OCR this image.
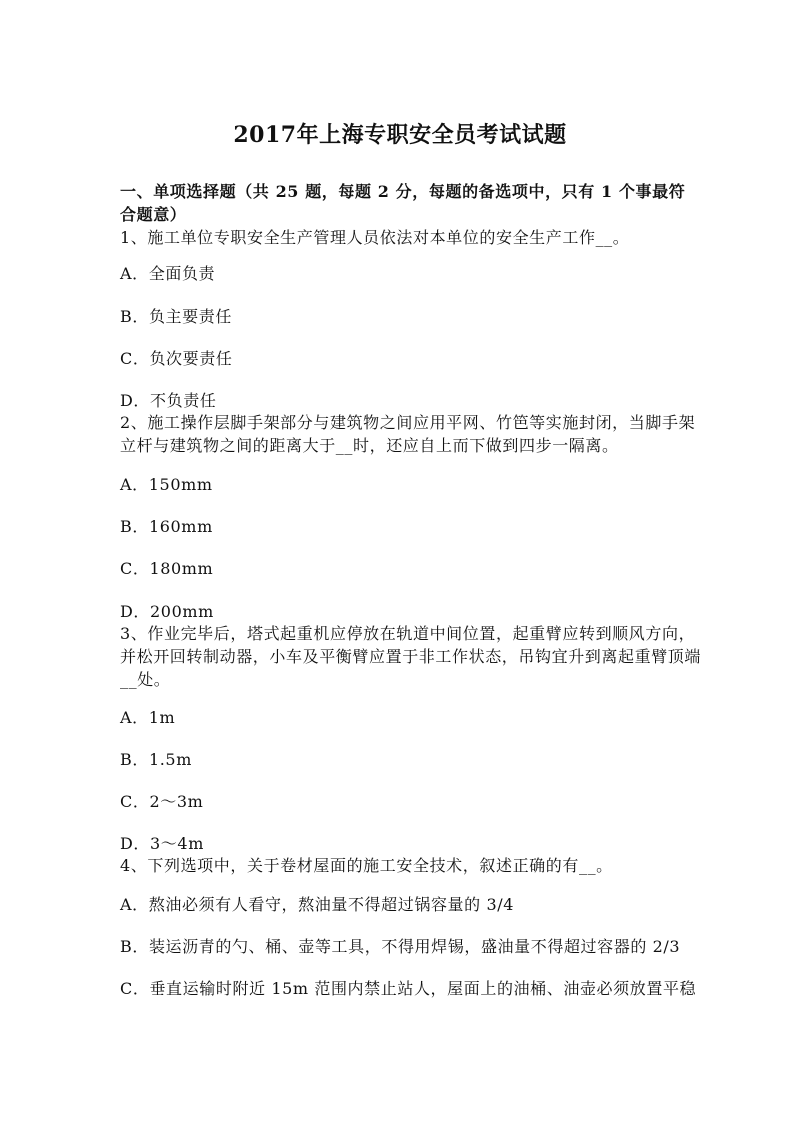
2017年上海专职安全员考试试题
一、单项选择题（共 25 题，每题 2 分，每题的备选项中，只有 1 个事最符
合题意）
1、施工单位专职安全生产管理人员依法对本单位的安全生产工作__。
A．全面负责
B．负主要责任
C．负次要责任
D．不负责任
2、施工操作层脚手架部分与建筑物之间应用平网、竹笆等实施封闭，当脚手架
立杆与建筑物之间的距离大于__时，还应自上而下做到四步一隔离。
A．150mm
B．160mm
C．180mm
D．200mm
3、作业完毕后，塔式起重机应停放在轨道中间位置，起重臂应转到顺风方向，
并松开回转制动器，小车及平衡臂应置于非工作状态，吊钩宜升到离起重臂顶端
__处。
A．1m
B．1.5m
C．2～3m
D．3～4m
4、下列选项中，关于卷材屋面的施工安全技术，叙述正确的有__。
A．熬油必须有人看守，熬油量不得超过锅容量的 3/4
B．装运沥青的勺、桶、壶等工具，不得用焊锡，盛油量不得超过容器的 2/3
C．垂直运输时附近 15m 范围内禁止站人，屋面上的油桶、油壶必须放置平稳
